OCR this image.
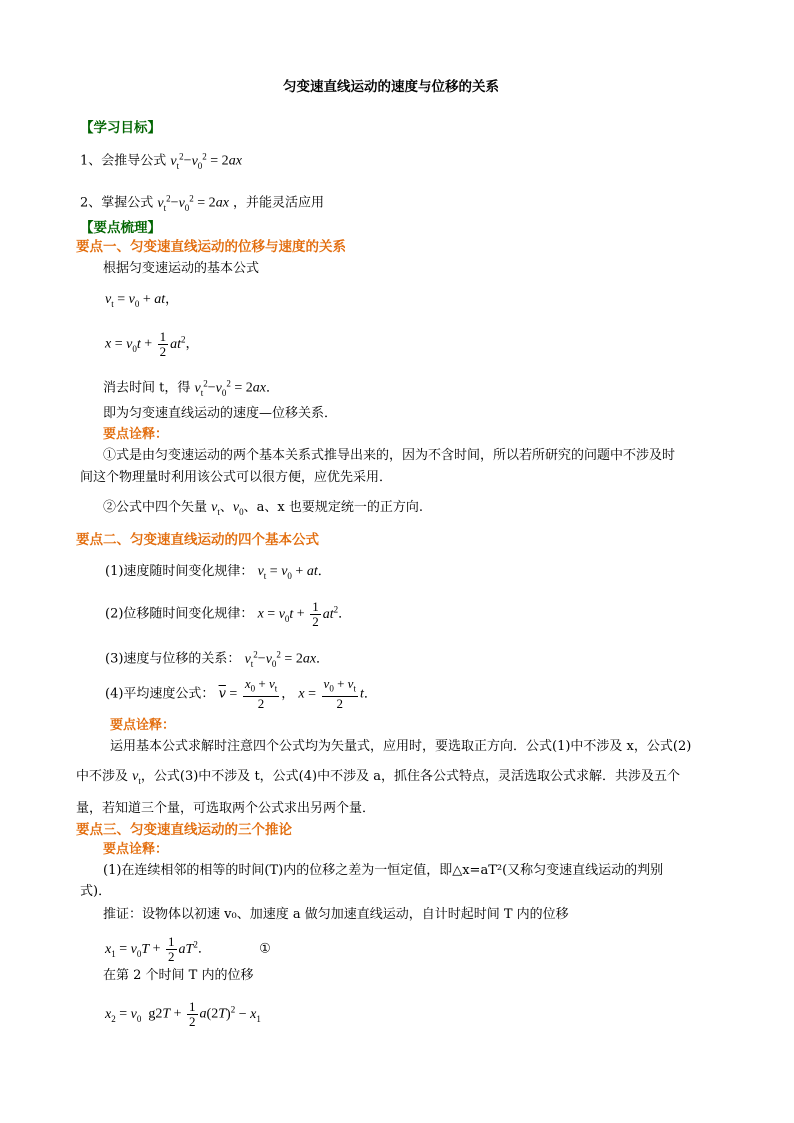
匀变速直线运动的速度与位移的关系
【学习目标】
1、会推导公式 $v_t^2-v_0^2 = 2ax$
2、掌握公式 $v_t^2-v_0^2 = 2ax$ ，并能灵活应用
【要点梳理】
要点一、匀变速直线运动的位移与速度的关系
根据匀变速运动的基本公式
$v_t = v_0$ + at，
$x = v_0t + \frac{1}{2} at^2$，
消去时间 t，得 $v_t^2-v_0^2 = 2ax$．
即为匀变速直线运动的速度—位移关系．
要点诠释：
①式是由匀变速运动的两个基本关系式推导出来的，因为不含时间，所以若所研究的问题中不涉及时
间这个物理量时利用该公式可以很方便，应优先采用．
②公式中四个矢量 $v_t$、$v_0$、a、x 也要规定统一的正方向.
要点二、匀变速直线运动的四个基本公式
(1)速度随时间变化规律： $v_t = v_0$ + at．
(2)位移随时间变化规律： $x = v_0t + \frac{1}{2} at^2$．
(3)速度与位移的关系： $v_t^2-v_0^2 = 2ax$．
(4)平均速度公式： $\overline{v} = \frac{x_0 + v_t}{2}$ ， $x = \frac{v_0 + v_t}{2}$ t．
要点诠释：
运用基本公式求解时注意四个公式均为矢量式，应用时，要选取正方向．公式(1)中不涉及 x，公式(2)
中不涉及 $v_t$，公式(3)中不涉及 t，公式(4)中不涉及 a，抓住各公式特点，灵活选取公式求解．共涉及五个
量，若知道三个量，可选取两个公式求出另两个量．
要点三、匀变速直线运动的三个推论
要点诠释：
(1)在连续相邻的相等的时间(T)内的位移之差为一恒定值，即△x=aT²(又称匀变速直线运动的判别
式)．
推证：设物体以初速 v₀、加速度 a 做匀加速直线运动，自计时起时间 T 内的位移
$x_1 = v_0T + \frac{1}{2} aT^2$．	①
在第 2 个时间 T 内的位移
$x_2 = v_0$  $g2T + \frac{1}{2} a(2T)^2 - x_1$
